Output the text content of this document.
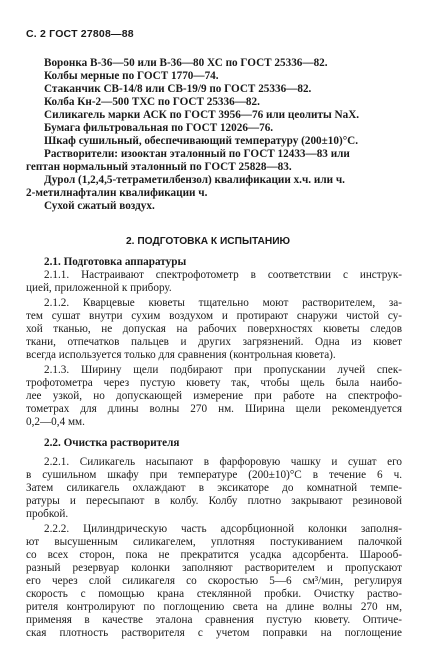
С. 2 ГОСТ 27808—88
Воронка В-36—50 или В-36—80 ХС по ГОСТ 25336—82.
Колбы мерные по ГОСТ 1770—74.
Стаканчик СВ-14/8 или СВ-19/9 по ГОСТ 25336—82.
Колба Кн-2—500 ТХС по ГОСТ 25336—82.
Силикагель марки АСК по ГОСТ 3956—76 или цеолиты NaX.
Бумага фильтровальная по ГОСТ 12026—76.
Шкаф сушильный, обеспечивающий температуру (200±10)°С.
Растворители: изооктан эталонный по ГОСТ 12433—83 или
гептан нормальный эталонный по ГОСТ 25828—83.
Дурол (1,2,4,5-тетраметилбензол) квалификации х.ч. или ч.
2-метилнафталин квалификации ч.
Сухой сжатый воздух.
2. ПОДГОТОВКА К ИСПЫТАНИЮ
2.1. Подготовка аппаратуры
2.1.1. Настраивают спектрофотометр в соответствии с инструк-
цией, приложенной к прибору.
2.1.2. Кварцевые кюветы тщательно моют растворителем, за-
тем сушат внутри сухим воздухом и протирают снаружи чистой су-
хой тканью, не допуская на рабочих поверхностях кюветы следов
ткани, отпечатков пальцев и других загрязнений. Одна из кювет
всегда используется только для сравнения (контрольная кювета).
2.1.3. Ширину щели подбирают при пропускании лучей спек-
трофотометра через пустую кювету так, чтобы щель была наибо-
лее узкой, но допускающей измерение при работе на спектрофо-
тометрах для длины волны 270 нм. Ширина щели рекомендуется
0,2—0,4 мм.
2.2. Очистка растворителя
2.2.1. Силикагель насыпают в фарфоровую чашку и сушат его
в сушильном шкафу при температуре (200±10)°С в течение 6 ч.
Затем силикагель охлаждают в эксикаторе до комнатной темпе-
ратуры и пересыпают в колбу. Колбу плотно закрывают резиновой
пробкой.
2.2.2. Цилиндрическую часть адсорбционной колонки заполня-
ют высушенным силикагелем, уплотняя постукиванием палочкой
со всех сторон, пока не прекратится усадка адсорбента. Шарооб-
разный резервуар колонки заполняют растворителем и пропускают
его через слой силикагеля со скоростью 5—6 см³/мин, регулируя
скорость с помощью крана стеклянной пробки. Очистку раство-
рителя контролируют по поглощению света на длине волны 270 нм,
применяя в качестве эталона сравнения пустую кювету. Оптиче-
ская плотность растворителя с учетом поправки на поглощение
